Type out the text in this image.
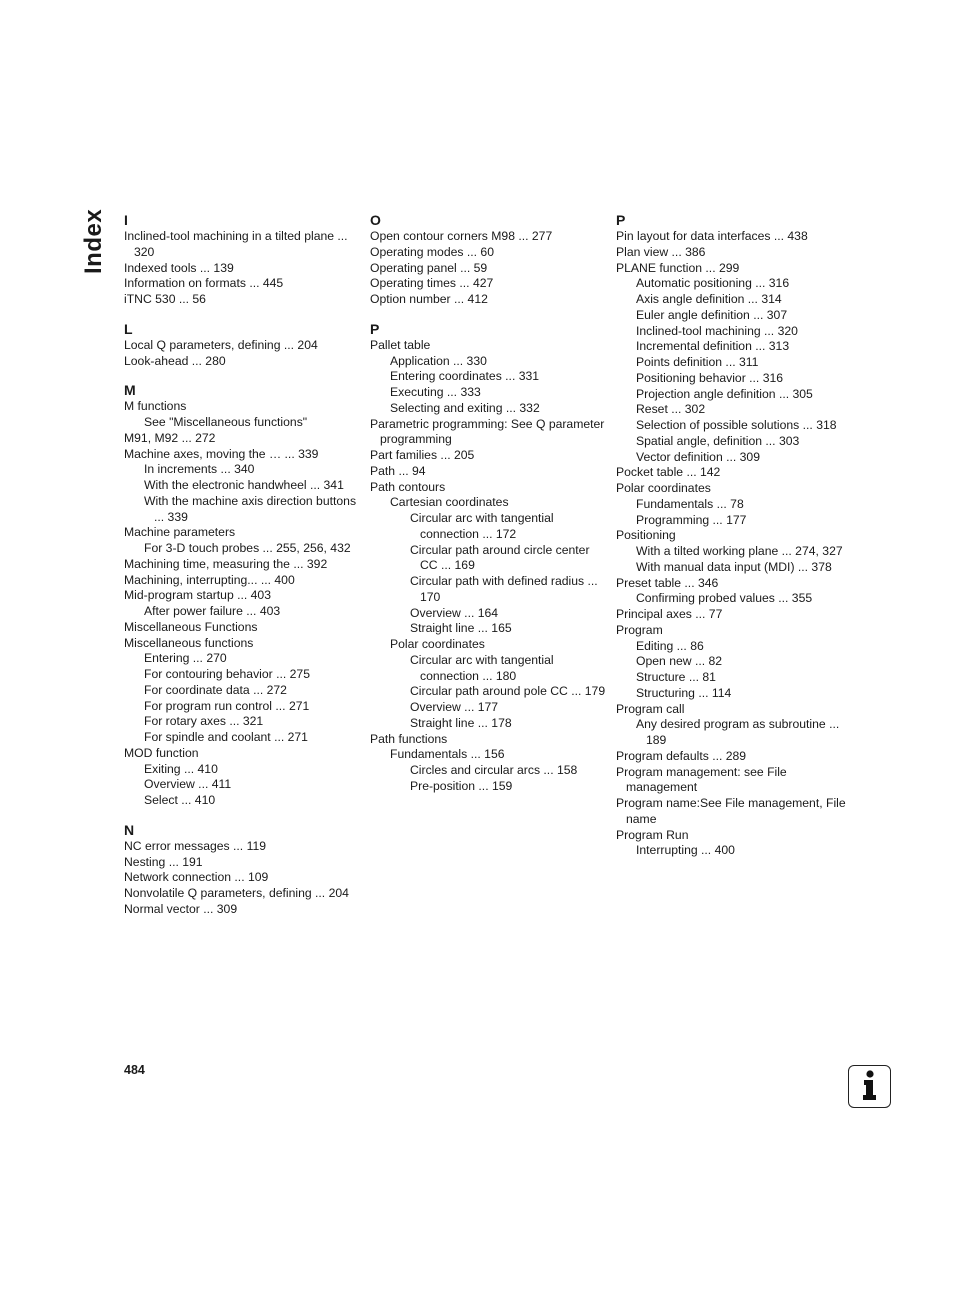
Index I
Inclined-tool machining in a tilted plane ... 320
Indexed tools ... 139
Information on formats ... 445
iTNC 530 ... 56
L
Local Q parameters, defining ... 204
Look-ahead ... 280
M
M functions
See "Miscellaneous functions"
M91, M92 ... 272
Machine axes, moving the … ... 339
In increments ... 340
With the electronic handwheel ... 341
With the machine axis direction buttons ... 339
Machine parameters
For 3-D touch probes ... 255, 256, 432
Machining time, measuring the ... 392
Machining, interrupting... ... 400
Mid-program startup ... 403
After power failure ... 403
Miscellaneous Functions
Miscellaneous functions
Entering ... 270
For contouring behavior ... 275
For coordinate data ... 272
For program run control ... 271
For rotary axes ... 321
For spindle and coolant ... 271
MOD function
Exiting ... 410
Overview ... 411
Select ... 410
N
NC error messages ... 119
Nesting ... 191
Network connection ... 109
Nonvolatile Q parameters, defining ... 204
Normal vector ... 309
O
Open contour corners M98 ... 277
Operating modes ... 60
Operating panel ... 59
Operating times ... 427
Option number ... 412
P
Pallet table
Application ... 330
Entering coordinates ... 331
Executing ... 333
Selecting and exiting ... 332
Parametric programming: See Q parameter programming
Part families ... 205
Path ... 94
Path contours
Cartesian coordinates
Circular arc with tangential connection ... 172
Circular path around circle center CC ... 169
Circular path with defined radius ... 170
Overview ... 164
Straight line ... 165
Polar coordinates
Circular arc with tangential connection ... 180
Circular path around pole CC ... 179
Overview ... 177
Straight line ... 178
Path functions
Fundamentals ... 156
Circles and circular arcs ... 158
Pre-position ... 159
P
Pin layout for data interfaces ... 438
Plan view ... 386
PLANE function ... 299
Automatic positioning ... 316
Axis angle definition ... 314
Euler angle definition ... 307
Inclined-tool machining ... 320
Incremental definition ... 313
Points definition ... 311
Positioning behavior ... 316
Projection angle definition ... 305
Reset ... 302
Selection of possible solutions ... 318
Spatial angle, definition ... 303
Vector definition ... 309
Pocket table ... 142
Polar coordinates
Fundamentals ... 78
Programming ... 177
Positioning
With a tilted working plane ... 274, 327
With manual data input (MDI) ... 378
Preset table ... 346
Confirming probed values ... 355
Principal axes ... 77
Program
Editing ... 86
Open new ... 82
Structure ... 81
Structuring ... 114
Program call
Any desired program as subroutine ... 189
Program defaults ... 289
Program management: see File management
Program name:See File management, File name
Program Run
Interrupting ... 400
484
